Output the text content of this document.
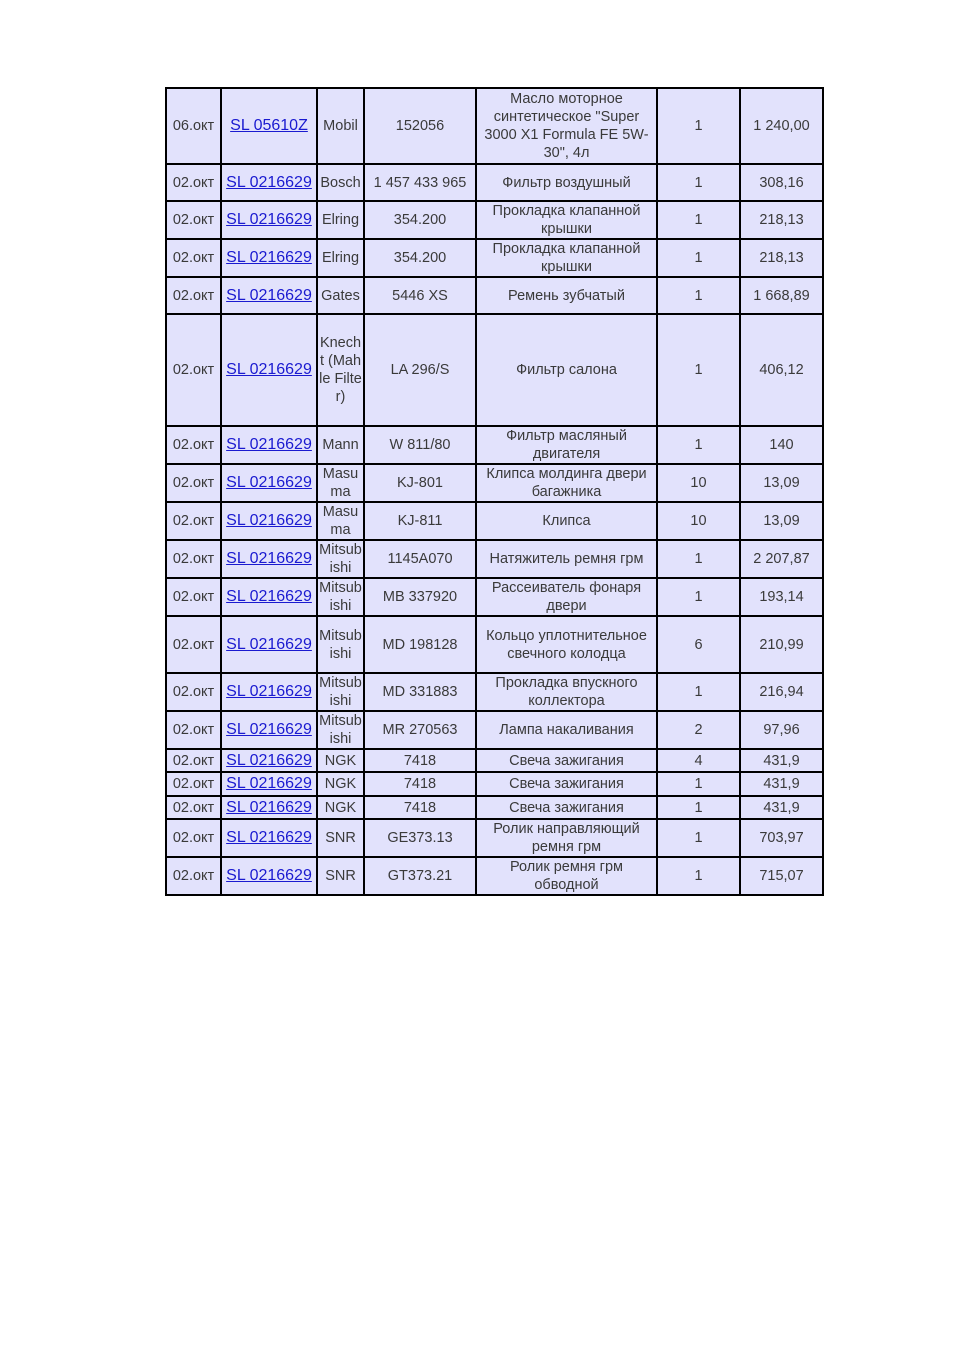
06.окт	SL 05610Z	Mobil	152056	Масло моторное синтетическое "Super 3000 X1 Formula FE 5W-30", 4л	1	1 240,00
02.окт	SL 0216629	Bosch	1 457 433 965	Фильтр воздушный	1	308,16
02.окт	SL 0216629	Elring	354.200	Прокладка клапанной крышки	1	218,13
02.окт	SL 0216629	Elring	354.200	Прокладка клапанной крышки	1	218,13
02.окт	SL 0216629	Gates	5446 XS	Ремень зубчатый	1	1 668,89
02.окт	SL 0216629	Knecht (Mahle Filter)	LA 296/S	Фильтр салона	1	406,12
02.окт	SL 0216629	Mann	W 811/80	Фильтр масляный двигателя	1	140
02.окт	SL 0216629	Masuma	KJ-801	Клипса молдинга двери багажника	10	13,09
02.окт	SL 0216629	Masuma	KJ-811	Клипса	10	13,09
02.окт	SL 0216629	Mitsubishi	1145A070	Натяжитель ремня грм	1	2 207,87
02.окт	SL 0216629	Mitsubishi	MB 337920	Рассеиватель фонаря двери	1	193,14
02.окт	SL 0216629	Mitsubishi	MD 198128	Кольцо уплотнительное свечного колодца	6	210,99
02.окт	SL 0216629	Mitsubishi	MD 331883	Прокладка впускного коллектора	1	216,94
02.окт	SL 0216629	Mitsubishi	MR 270563	Лампа накаливания	2	97,96
02.окт	SL 0216629	NGK	7418	Свеча зажигания	4	431,9
02.окт	SL 0216629	NGK	7418	Свеча зажигания	1	431,9
02.окт	SL 0216629	NGK	7418	Свеча зажигания	1	431,9
02.окт	SL 0216629	SNR	GE373.13	Ролик направляющий ремня грм	1	703,97
02.окт	SL 0216629	SNR	GT373.21	Ролик ремня грм обводной	1	715,07
